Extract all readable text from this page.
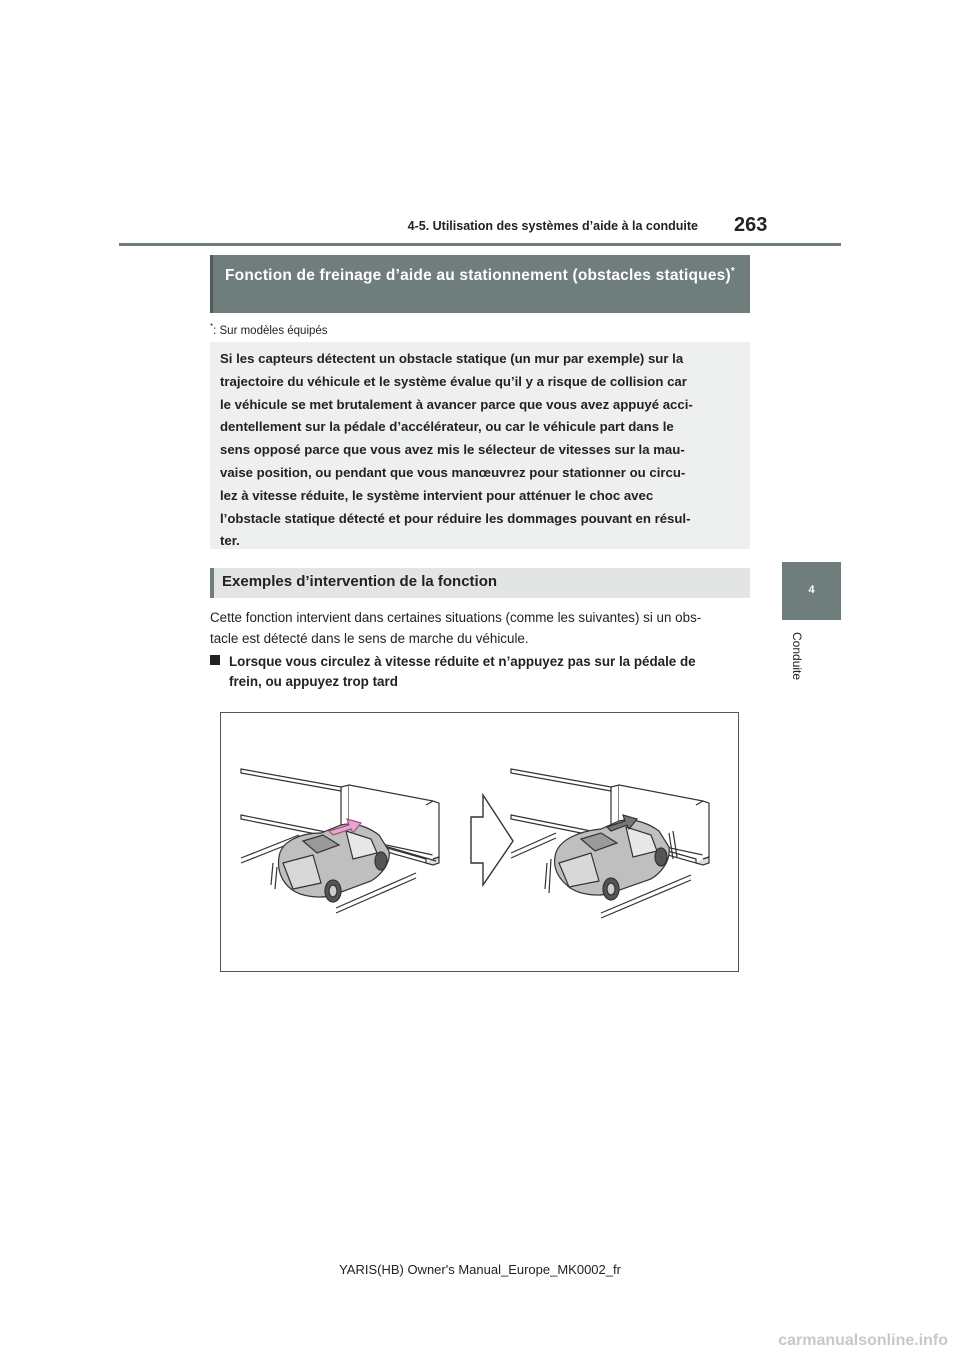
4-5. Utilisation des systèmes d’aide à la conduite 263
4
Conduite
Fonction de freinage d’aide au stationnement (obstacles statiques)*
*: Sur modèles équipés
Si les capteurs détectent un obstacle statique (un mur par exemple) sur la
trajectoire du véhicule et le système évalue qu’il y a risque de collision car
le véhicule se met brutalement à avancer parce que vous avez appuyé acci-
dentellement sur la pédale d’accélérateur, ou car le véhicule part dans le
sens opposé parce que vous avez mis le sélecteur de vitesses sur la mau-
vaise position, ou pendant que vous manœuvrez pour stationner ou circu-
lez à vitesse réduite, le système intervient pour atténuer le choc avec
l’obstacle statique détecté et pour réduire les dommages pouvant en résul-
ter.
Exemples d’intervention de la fonction
Cette fonction intervient dans certaines situations (comme les suivantes) si un obs-
tacle est détecté dans le sens de marche du véhicule.
Lorsque vous circulez à vitesse réduite et n’appuyez pas sur la pédale de
frein, ou appuyez trop tard
YARIS(HB) Owner's Manual_Europe_MK0002_fr
carmanualsonline.info
